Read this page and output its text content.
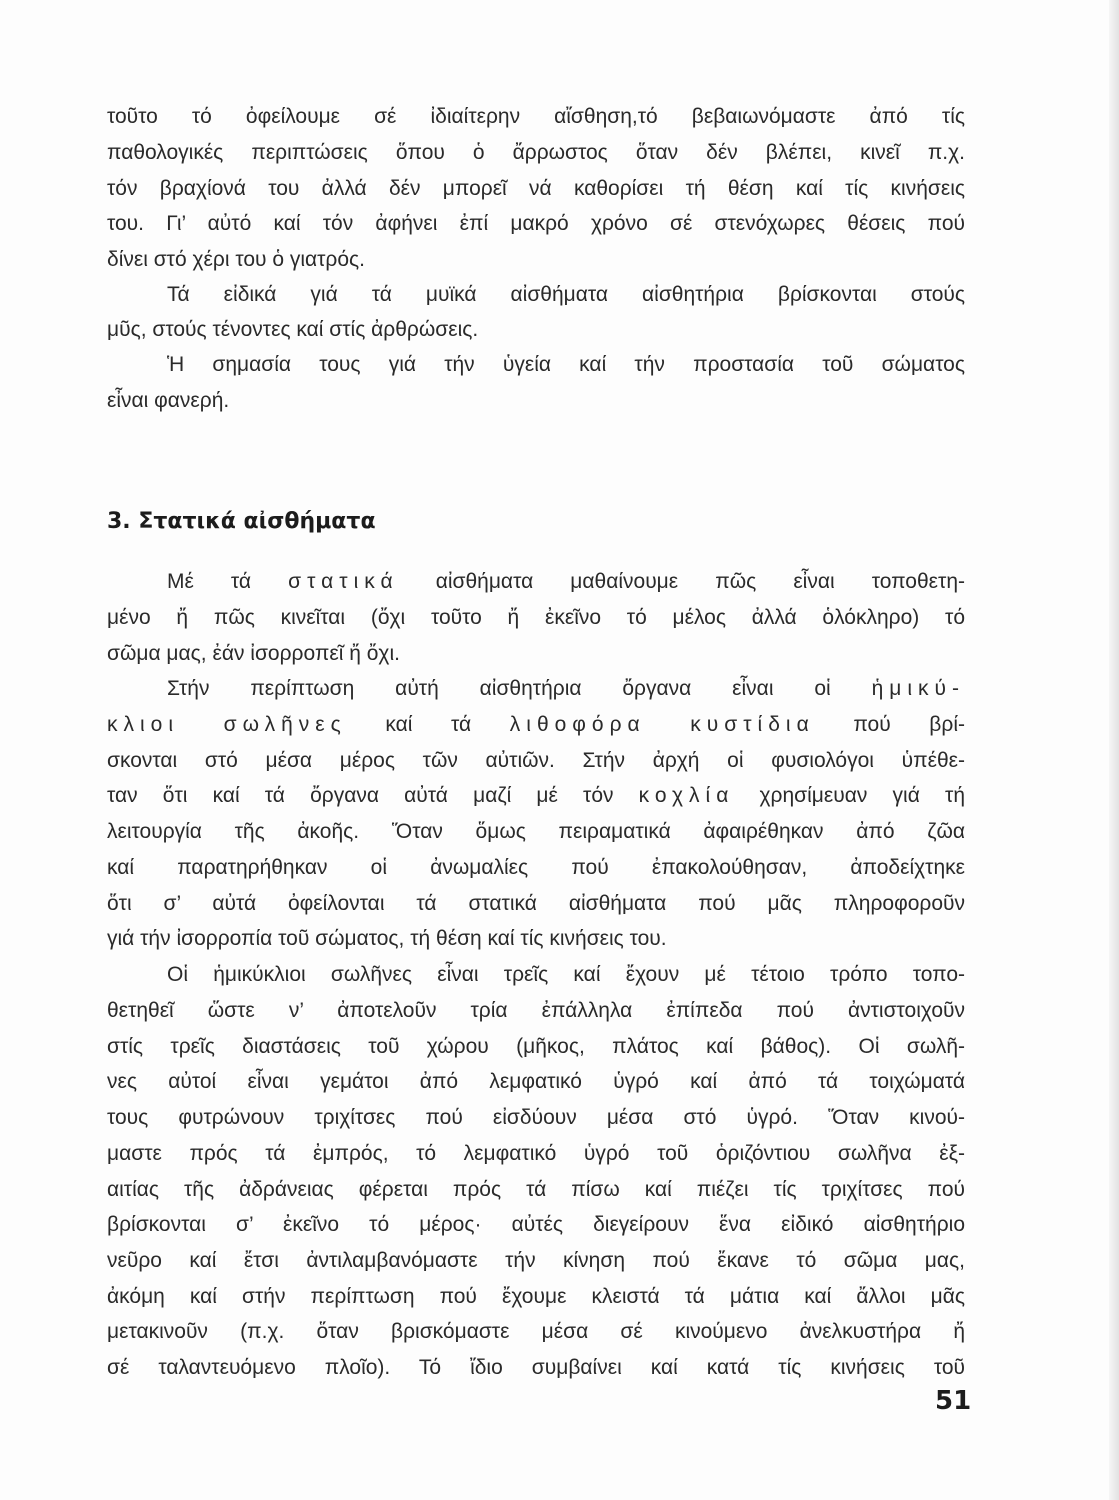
τοῦτο τό ὀφείλουμε σέ ἰδιαίτερην αἴσθηση,τό βεβαιωνόμαστε ἀπό τίς
παθολογικές περιπτώσεις ὅπου ὁ ἄρρωστος ὅταν δέν βλέπει, κινεῖ π.χ.
τόν βραχίονά του ἀλλά δέν μπορεῖ νά καθορίσει τή θέση καί τίς κινήσεις
του. Γι’ αὐτό καί τόν ἀφήνει ἐπί μακρό χρόνο σέ στενόχωρες θέσεις πού
δίνει στό χέρι του ὁ γιατρός.
Τά εἰδικά γιά τά μυϊκά αἰσθήματα αἰσθητήρια βρίσκονται στούς
μῦς, στούς τένοντες καί στίς ἀρθρώσεις.
Ἡ σημασία τους γιά τήν ὑγεία καί τήν προστασία τοῦ σώματος
εἶναι φανερή.
3. Στατικά αἰσθήματα
Μέ τά στατικά αἰσθήματα μαθαίνουμε πῶς εἶναι τοποθετη-
μένο ἤ πῶς κινεῖται (ὄχι τοῦτο ἤ ἐκεῖνο τό μέλος ἀλλά ὁλόκληρο) τό
σῶμα μας, ἐάν ἰσορροπεῖ ἤ ὄχι.
Στήν περίπτωση αὐτή αἰσθητήρια ὄργανα εἶναι οἱ ἡμικύ-
κλιοι σωλῆνες καί τά λιθοφόρα κυστίδια πού βρί-
σκονται στό μέσα μέρος τῶν αὐτιῶν. Στήν ἀρχή οἱ φυσιολόγοι ὑπέθε-
ταν ὅτι καί τά ὄργανα αὐτά μαζί μέ τόν κοχλία χρησίμευαν γιά τή
λειτουργία τῆς ἀκοῆς. Ὅταν ὅμως πειραματικά ἀφαιρέθηκαν ἀπό ζῶα
καί παρατηρήθηκαν οἱ ἀνωμαλίες πού ἐπακολούθησαν, ἀποδείχτηκε
ὅτι σ’ αὐτά ὀφείλονται τά στατικά αἰσθήματα πού μᾶς πληροφοροῦν
γιά τήν ἰσορροπία τοῦ σώματος, τή θέση καί τίς κινήσεις του.
Οἱ ἡμικύκλιοι σωλῆνες εἶναι τρεῖς καί ἔχουν μέ τέτοιο τρόπο τοπο-
θετηθεῖ ὥστε ν’ ἀποτελοῦν τρία ἐπάλληλα ἐπίπεδα πού ἀντιστοιχοῦν
στίς τρεῖς διαστάσεις τοῦ χώρου (μῆκος, πλάτος καί βάθος). Οἱ σωλῆ-
νες αὐτοί εἶναι γεμάτοι ἀπό λεμφατικό ὑγρό καί ἀπό τά τοιχώματά
τους φυτρώνουν τριχίτσες πού εἰσδύουν μέσα στό ὑγρό. Ὅταν κινού-
μαστε πρός τά ἐμπρός, τό λεμφατικό ὑγρό τοῦ ὁριζόντιου σωλῆνα ἐξ-
αιτίας τῆς ἀδράνειας φέρεται πρός τά πίσω καί πιέζει τίς τριχίτσες πού
βρίσκονται σ’ ἐκεῖνο τό μέρος· αὐτές διεγείρουν ἕνα εἰδικό αἰσθητήριο
νεῦρο καί ἔτσι ἀντιλαμβανόμαστε τήν κίνηση πού ἔκανε τό σῶμα μας,
ἀκόμη καί στήν περίπτωση πού ἔχουμε κλειστά τά μάτια καί ἄλλοι μᾶς
μετακινοῦν (π.χ. ὅταν βρισκόμαστε μέσα σέ κινούμενο ἀνελκυστήρα ἤ
σέ ταλαντευόμενο πλοῖο). Τό ἴδιο συμβαίνει καί κατά τίς κινήσεις τοῦ
51
